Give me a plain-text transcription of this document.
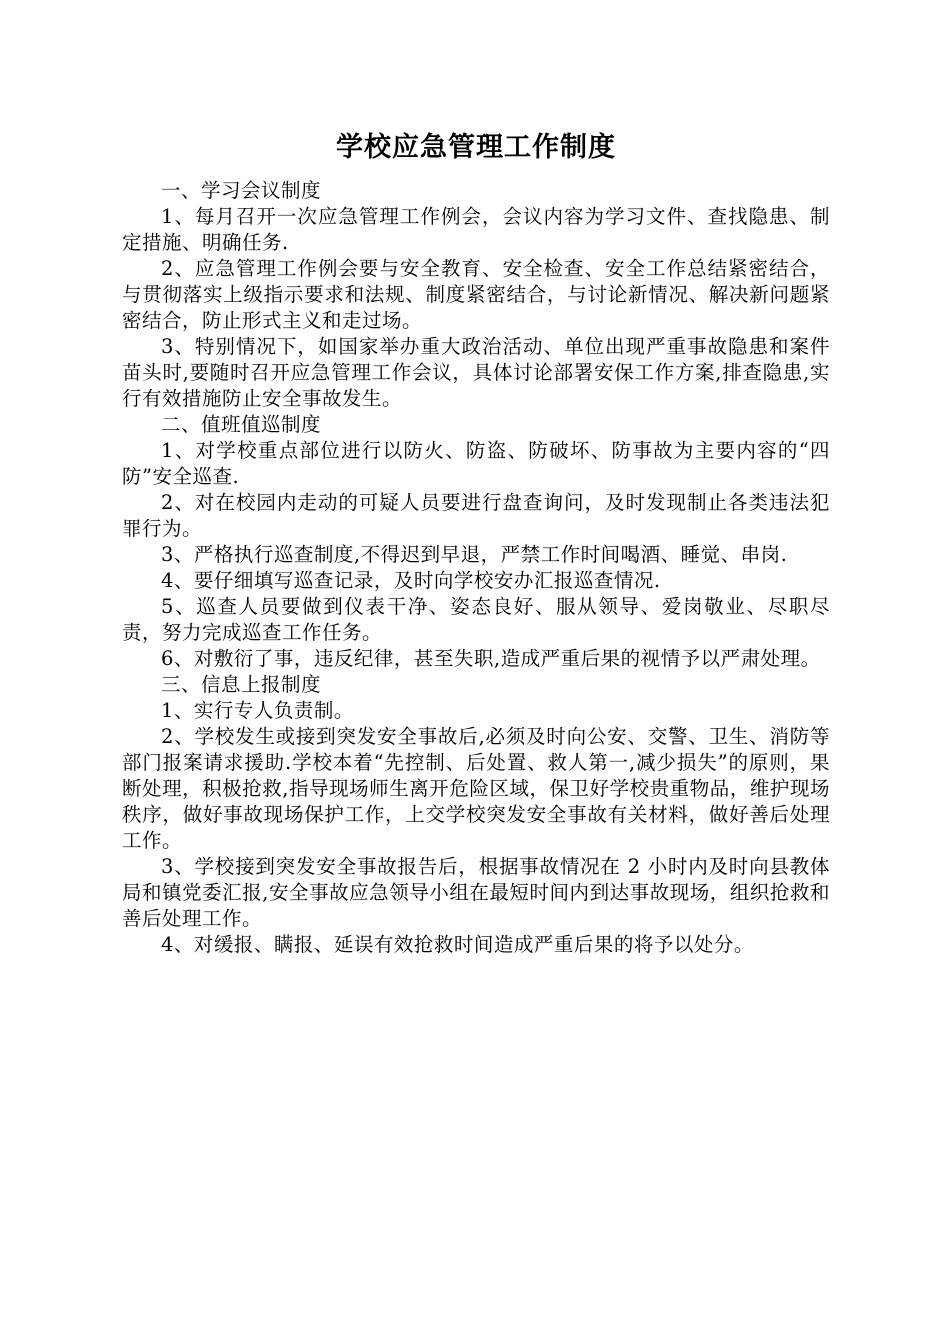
学校应急管理工作制度

一、学习会议制度

1、每月召开一次应急管理工作例会，会议内容为学习文件、查找隐患、制定措施、明确任务.

2、应急管理工作例会要与安全教育、安全检查、安全工作总结紧密结合，与贯彻落实上级指示要求和法规、制度紧密结合，与讨论新情况、解决新问题紧密结合，防止形式主义和走过场。

3、特别情况下，如国家举办重大政治活动、单位出现严重事故隐患和案件苗头时,要随时召开应急管理工作会议，具体讨论部署安保工作方案,排查隐患,实行有效措施防止安全事故发生。

二、值班值巡制度

1、对学校重点部位进行以防火、防盗、防破坏、防事故为主要内容的“四防”安全巡查.

2、对在校园内走动的可疑人员要进行盘查询问，及时发现制止各类违法犯罪行为。

3、严格执行巡查制度,不得迟到早退，严禁工作时间喝酒、睡觉、串岗.

4、要仔细填写巡查记录，及时向学校安办汇报巡查情况.

5、巡查人员要做到仪表干净、姿态良好、服从领导、爱岗敬业、尽职尽责，努力完成巡查工作任务。

6、对敷衍了事，违反纪律，甚至失职,造成严重后果的视情予以严肃处理。

三、信息上报制度

1、实行专人负责制。

2、学校发生或接到突发安全事故后,必须及时向公安、交警、卫生、消防等部门报案请求援助.学校本着“先控制、后处置、救人第一,减少损失”的原则，果断处理，积极抢救,指导现场师生离开危险区域，保卫好学校贵重物品，维护现场秩序，做好事故现场保护工作，上交学校突发安全事故有关材料，做好善后处理工作。

3、学校接到突发安全事故报告后，根据事故情况在 2 小时内及时向县教体局和镇党委汇报,安全事故应急领导小组在最短时间内到达事故现场，组织抢救和善后处理工作。

4、对缓报、瞒报、延误有效抢救时间造成严重后果的将予以处分。
